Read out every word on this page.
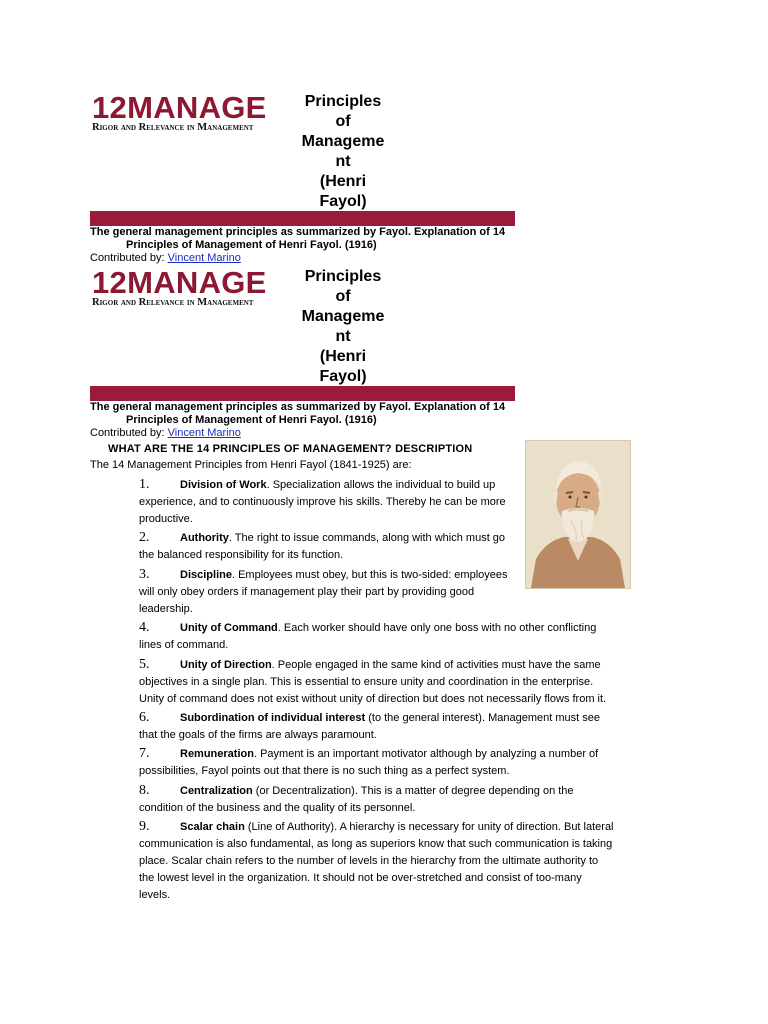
12MANAGE
Rigor and Relevance in Management
Principles
of
Manageme
nt
(Henri
Fayol)
The general management principles as summarized by Fayol. Explanation of 14
Principles of Management of Henri Fayol. (1916)
Contributed by: Vincent Marino
12MANAGE
Rigor and Relevance in Management
Principles
of
Manageme
nt
(Henri
Fayol)
The general management principles as summarized by Fayol. Explanation of 14
Principles of Management of Henri Fayol. (1916)
Contributed by: Vincent Marino
WHAT ARE THE 14 PRINCIPLES OF MANAGEMENT? DESCRIPTION
The 14 Management Principles from Henri Fayol (1841-1925) are:
1.	Division of Work. Specialization allows the individual to build up
experience, and to continuously improve his skills. Thereby he can be more
productive.
2.	Authority. The right to issue commands, along with which must go
the balanced responsibility for its function.
3.	Discipline. Employees must obey, but this is two-sided: employees
will only obey orders if management play their part by providing good
leadership.
4.	Unity of Command. Each worker should have only one boss with no other conflicting
lines of command.
5.	Unity of Direction. People engaged in the same kind of activities must have the same
objectives in a single plan. This is essential to ensure unity and coordination in the enterprise.
Unity of command does not exist without unity of direction but does not necessarily flows from it.
6.	Subordination of individual interest (to the general interest). Management must see
that the goals of the firms are always paramount.
7.	Remuneration. Payment is an important motivator although by analyzing a number of
possibilities, Fayol points out that there is no such thing as a perfect system.
8.	Centralization (or Decentralization). This is a matter of degree depending on the
condition of the business and the quality of its personnel.
9.	Scalar chain (Line of Authority). A hierarchy is necessary for unity of direction. But lateral
communication is also fundamental, as long as superiors know that such communication is taking
place. Scalar chain refers to the number of levels in the hierarchy from the ultimate authority to
the lowest level in the organization. It should not be over-stretched and consist of too-many
levels.
